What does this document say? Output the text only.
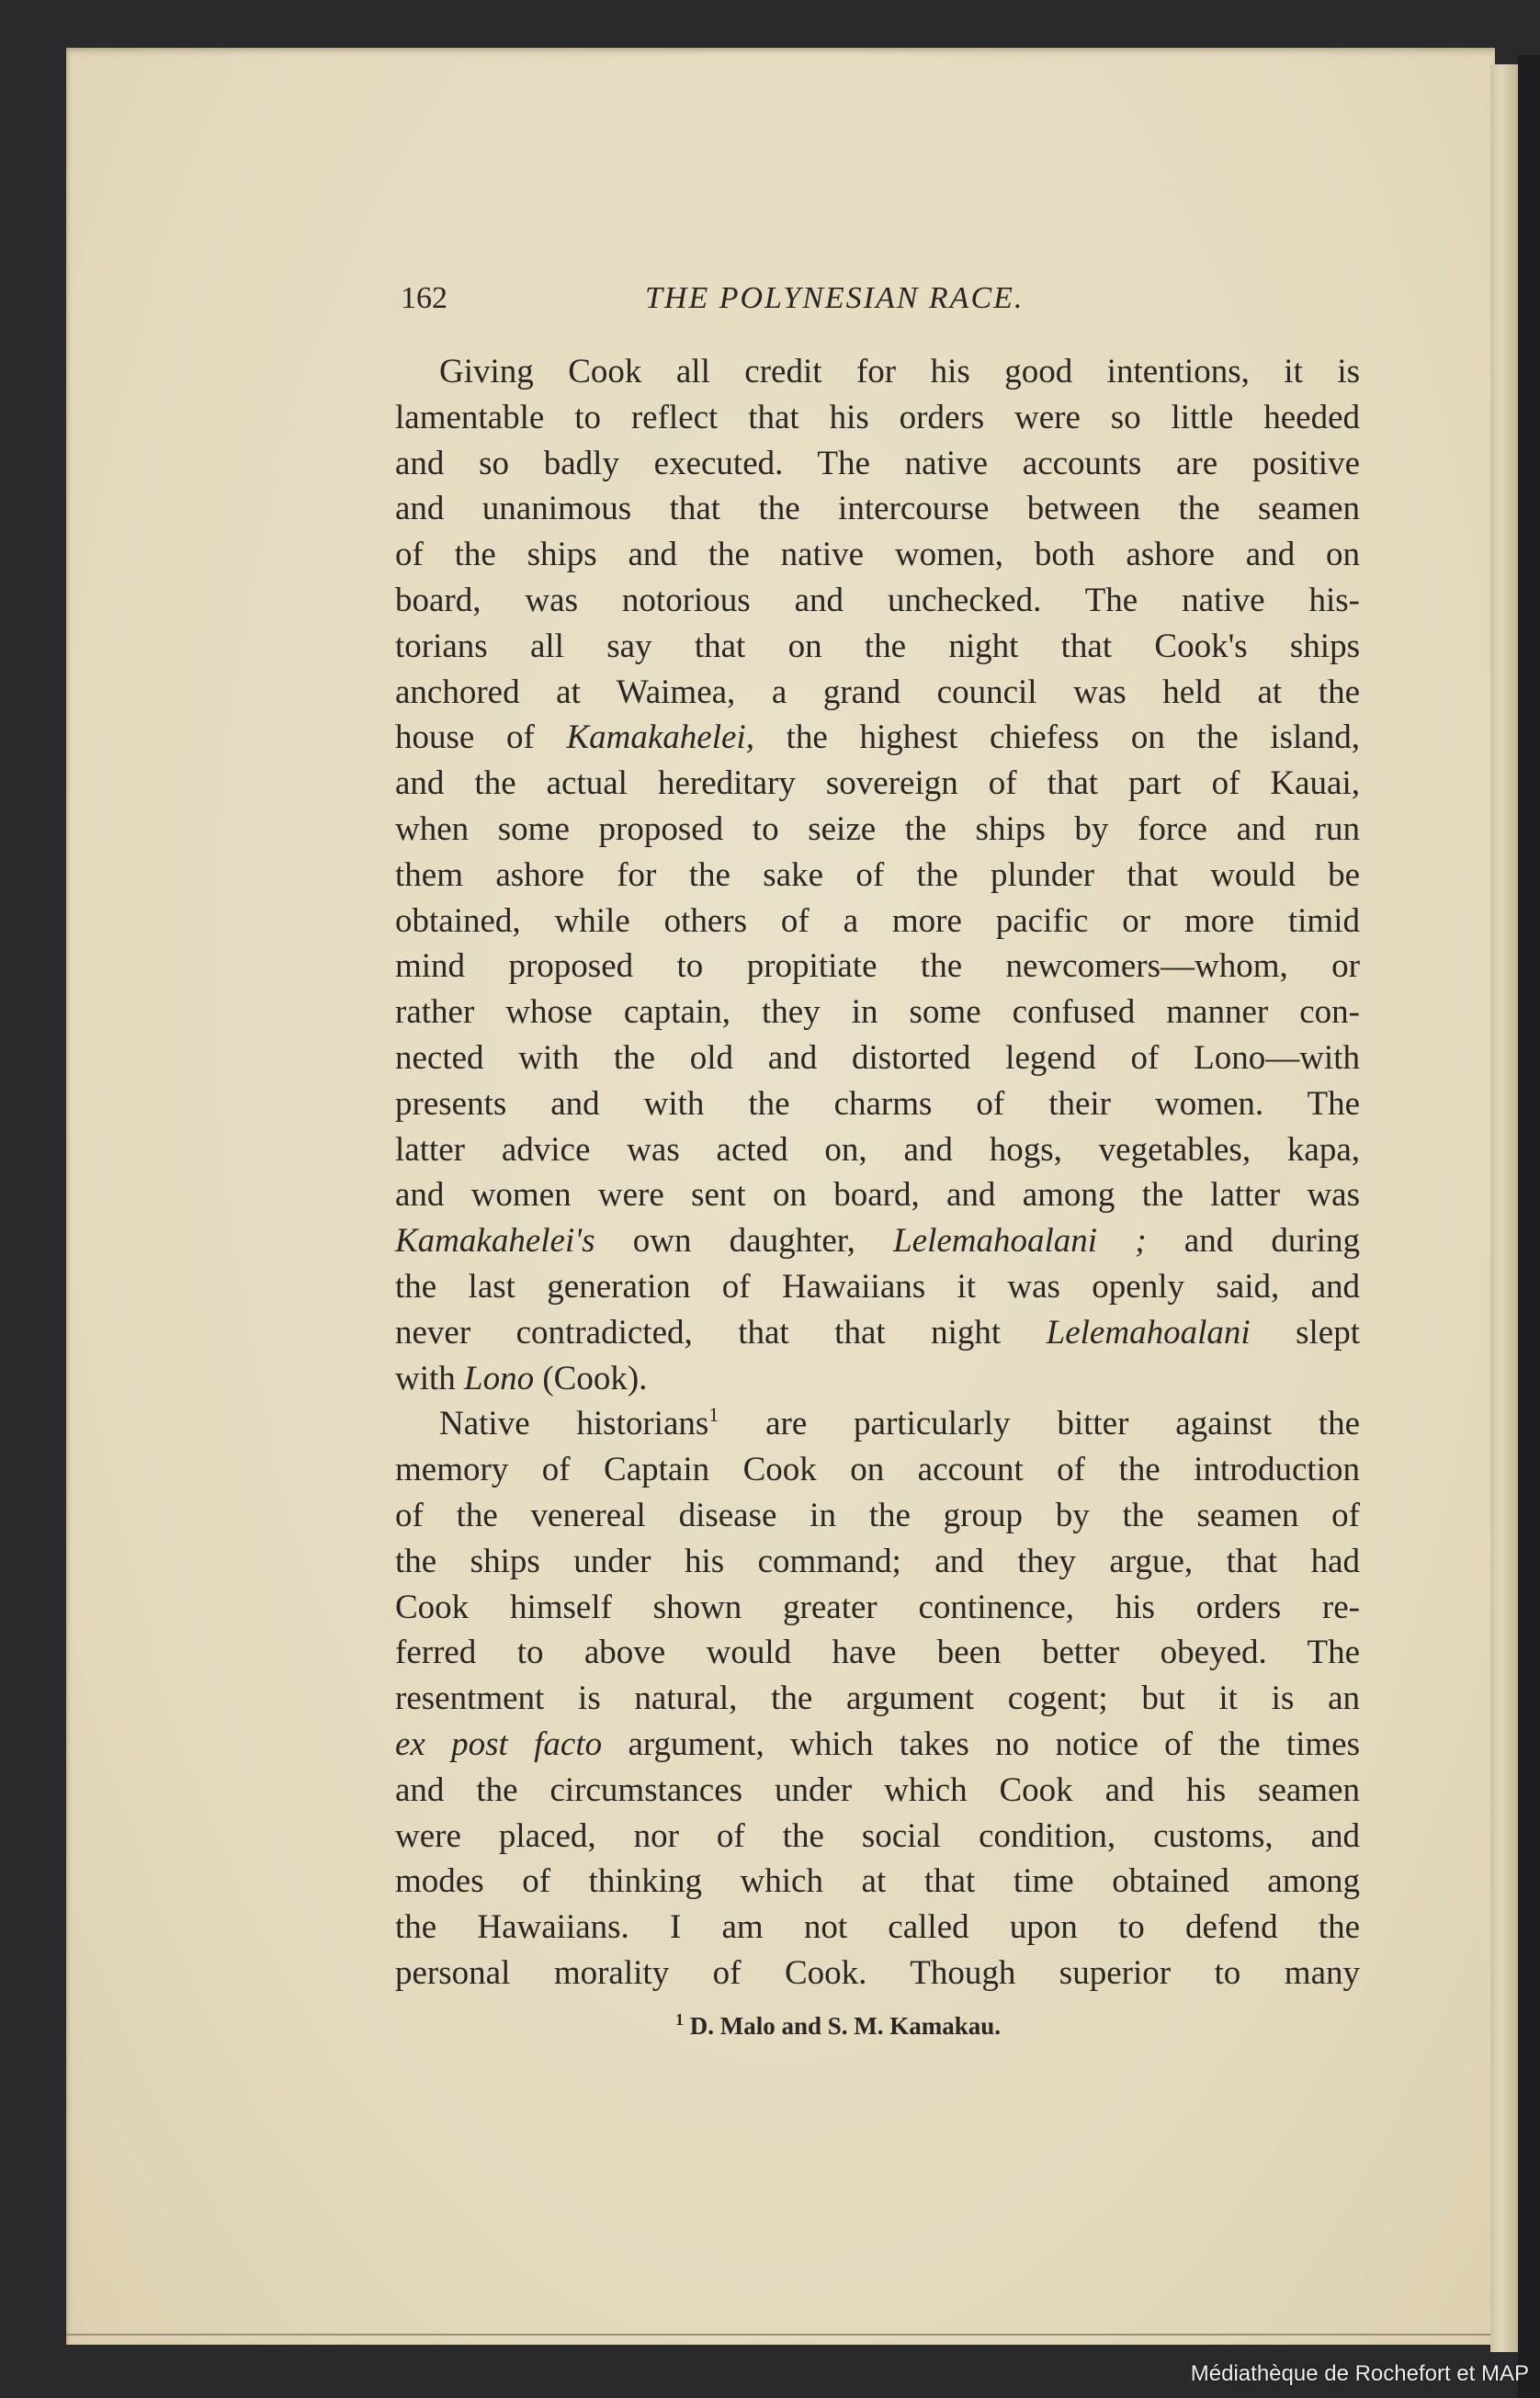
162	THE POLYNESIAN RACE.
Giving Cook all credit for his good intentions, it is
lamentable to reflect that his orders were so little heeded
and so badly executed. The native accounts are positive
and unanimous that the intercourse between the seamen
of the ships and the native women, both ashore and on
board, was notorious and unchecked. The native his-
torians all say that on the night that Cook's ships
anchored at Waimea, a grand council was held at the
house of Kamakahelei, the highest chiefess on the island,
and the actual hereditary sovereign of that part of Kauai,
when some proposed to seize the ships by force and run
them ashore for the sake of the plunder that would be
obtained, while others of a more pacific or more timid
mind proposed to propitiate the newcomers—whom, or
rather whose captain, they in some confused manner con-
nected with the old and distorted legend of Lono—with
presents and with the charms of their women. The
latter advice was acted on, and hogs, vegetables, kapa,
and women were sent on board, and among the latter was
Kamakahelei's own daughter, Lelemahoalani ; and during
the last generation of Hawaiians it was openly said, and
never contradicted, that that night Lelemahoalani slept
with Lono (Cook).
Native historians$^1$ are particularly bitter against the
memory of Captain Cook on account of the introduction
of the venereal disease in the group by the seamen of
the ships under his command; and they argue, that had
Cook himself shown greater continence, his orders re-
ferred to above would have been better obeyed. The
resentment is natural, the argument cogent; but it is an
ex post facto argument, which takes no notice of the times
and the circumstances under which Cook and his seamen
were placed, nor of the social condition, customs, and
modes of thinking which at that time obtained among
the Hawaiians. I am not called upon to defend the
personal morality of Cook. Though superior to many
$^1$ D. Malo and S. M. Kamakau.
Médiathèque de Rochefort et MAP
